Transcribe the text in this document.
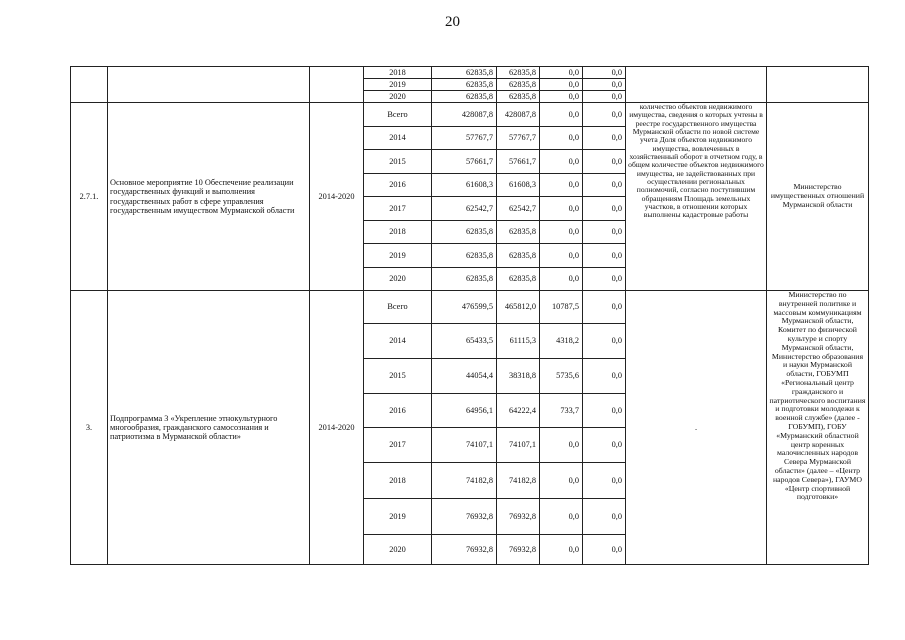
20
			2018	62835,8	62835,8	0,0	0,0		
			2019	62835,8	62835,8	0,0	0,0		
			2020	62835,8	62835,8	0,0	0,0		
2.7.1.	Основное мероприятие 10 Обеспечение реализации государственных функций и выполнения государственных работ в сфере управления государственным имуществом Мурманской области	2014-2020	Всего	428087,8	428087,8	0,0	0,0	количество объектов недвижимого имущества, сведения о которых учтены в реестре государственного имущества Мурманской области по новой системе учета Доля объектов недвижимого имущества, вовлеченных в хозяйственный оборот в отчетном году, в общем количестве объектов недвижимого имущества, не задействованных при осуществлении региональных полномочий, согласно поступившим обращениям Площадь земельных участков, в отношении которых выполнены кадастровые работы	Министерство имущественных отношений Мурманской области
			2014	57767,7	57767,7	0,0	0,0		
			2015	57661,7	57661,7	0,0	0,0		
			2016	61608,3	61608,3	0,0	0,0		
			2017	62542,7	62542,7	0,0	0,0		
			2018	62835,8	62835,8	0,0	0,0		
			2019	62835,8	62835,8	0,0	0,0		
			2020	62835,8	62835,8	0,0	0,0		
3.	Подпрограмма 3 «Укрепление этнокультурного многообразия, гражданского самосознания и патриотизма в Мурманской области»	2014-2020	Всего	476599,5	465812,0	10787,5	0,0	.	Министерство по внутренней политике и массовым коммуникациям Мурманской области, Комитет по физической культуре и спорту Мурманской области, Министерство образования и науки Мурманской области, ГОБУМП «Региональный центр гражданского и патриотического воспитания и подготовки молодежи к военной службе» (далее - ГОБУМП), ГОБУ «Мурманский областной центр коренных малочисленных народов Севера Мурманской области» (далее – «Центр народов Севера»), ГАУМО «Центр спортивной подготовки»
			2014	65433,5	61115,3	4318,2	0,0		
			2015	44054,4	38318,8	5735,6	0,0		
			2016	64956,1	64222,4	733,7	0,0		
			2017	74107,1	74107,1	0,0	0,0		
			2018	74182,8	74182,8	0,0	0,0		
			2019	76932,8	76932,8	0,0	0,0		
			2020	76932,8	76932,8	0,0	0,0		
